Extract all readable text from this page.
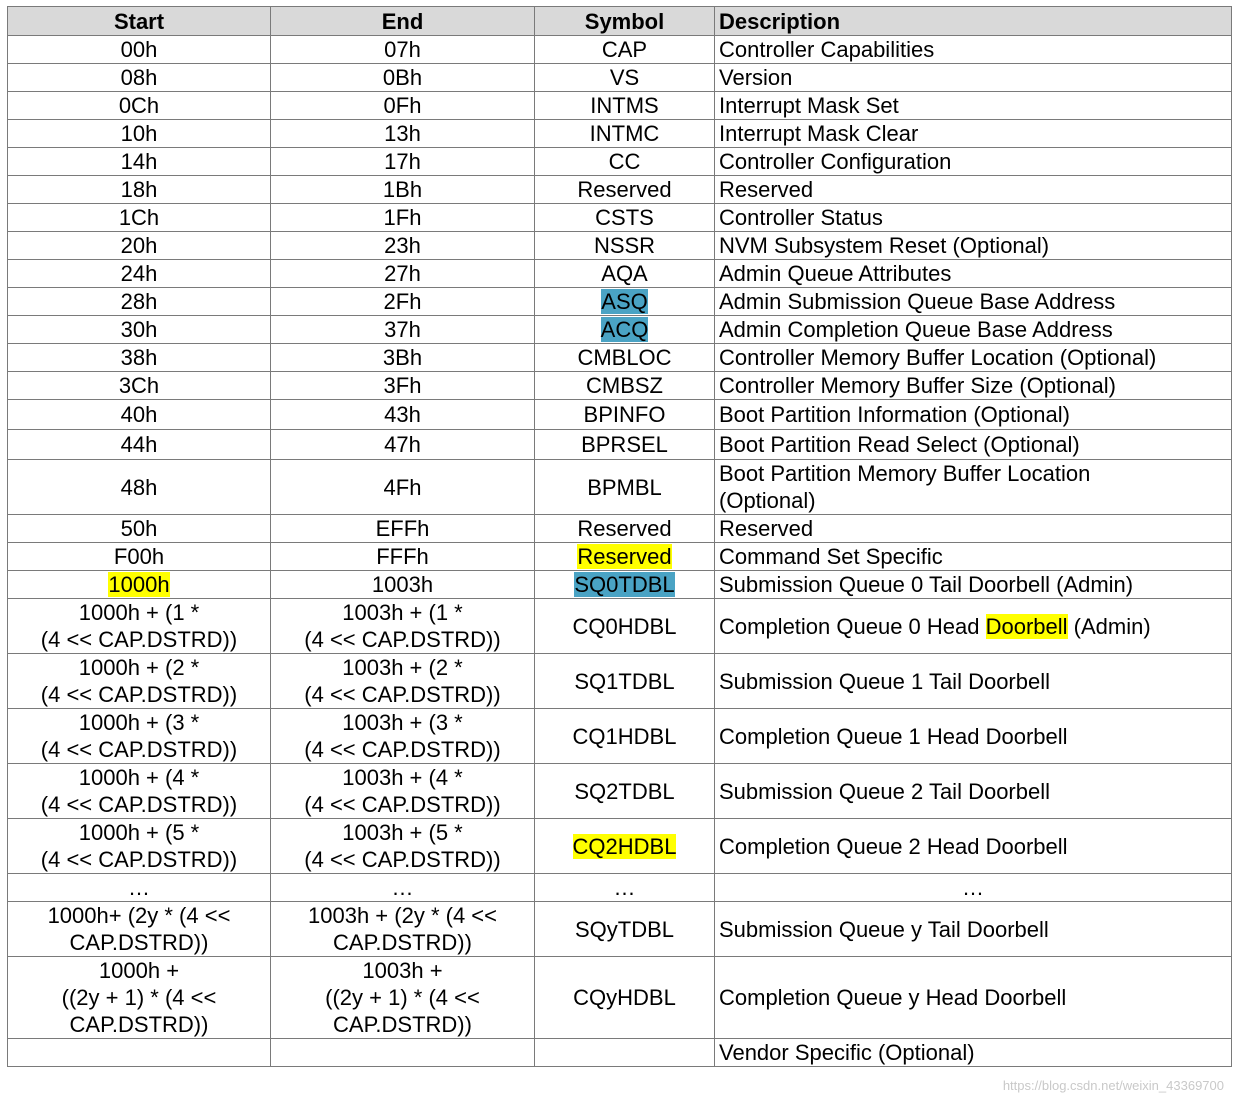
Start	End	Symbol	Description
00h	07h	CAP	Controller Capabilities
08h	0Bh	VS	Version
0Ch	0Fh	INTMS	Interrupt Mask Set
10h	13h	INTMC	Interrupt Mask Clear
14h	17h	CC	Controller Configuration
18h	1Bh	Reserved	Reserved
1Ch	1Fh	CSTS	Controller Status
20h	23h	NSSR	NVM Subsystem Reset (Optional)
24h	27h	AQA	Admin Queue Attributes
28h	2Fh	ASQ	Admin Submission Queue Base Address
30h	37h	ACQ	Admin Completion Queue Base Address
38h	3Bh	CMBLOC	Controller Memory Buffer Location (Optional)
3Ch	3Fh	CMBSZ	Controller Memory Buffer Size (Optional)
40h	43h	BPINFO	Boot Partition Information (Optional)
44h	47h	BPRSEL	Boot Partition Read Select (Optional)
48h	4Fh	BPMBL	Boot Partition Memory Buffer Location
(Optional)

50h	EFFh	Reserved	Reserved
F00h	FFFh	Reserved	Command Set Specific
1000h	1003h	SQ0TDBL	Submission Queue 0 Tail Doorbell (Admin)

1000h + (1 *
(4 << CAP.DSTRD))	1003h + (1 *
(4 << CAP.DSTRD))	CQ0HDBL	Completion Queue 0 Head Doorbell (Admin)

1000h + (2 *
(4 << CAP.DSTRD))	1003h + (2 *
(4 << CAP.DSTRD))	SQ1TDBL	Submission Queue 1 Tail Doorbell

1000h + (3 *
(4 << CAP.DSTRD))	1003h + (3 *
(4 << CAP.DSTRD))	CQ1HDBL	Completion Queue 1 Head Doorbell

1000h + (4 *
(4 << CAP.DSTRD))	1003h + (4 *
(4 << CAP.DSTRD))	SQ2TDBL	Submission Queue 2 Tail Doorbell

1000h + (5 *
(4 << CAP.DSTRD))	1003h + (5 *
(4 << CAP.DSTRD))	CQ2HDBL	Completion Queue 2 Head Doorbell
…	…	…	…

1000h+ (2y * (4 <<
CAP.DSTRD))	1003h + (2y * (4 <<
CAP.DSTRD))	SQyTDBL	Submission Queue y Tail Doorbell

1000h +
((2y + 1) * (4 <<
CAP.DSTRD))	1003h +
((2y + 1) * (4 <<
CAP.DSTRD))	CQyHDBL	Completion Queue y Head Doorbell
			Vendor Specific (Optional)
https://blog.csdn.net/weixin_43369700
